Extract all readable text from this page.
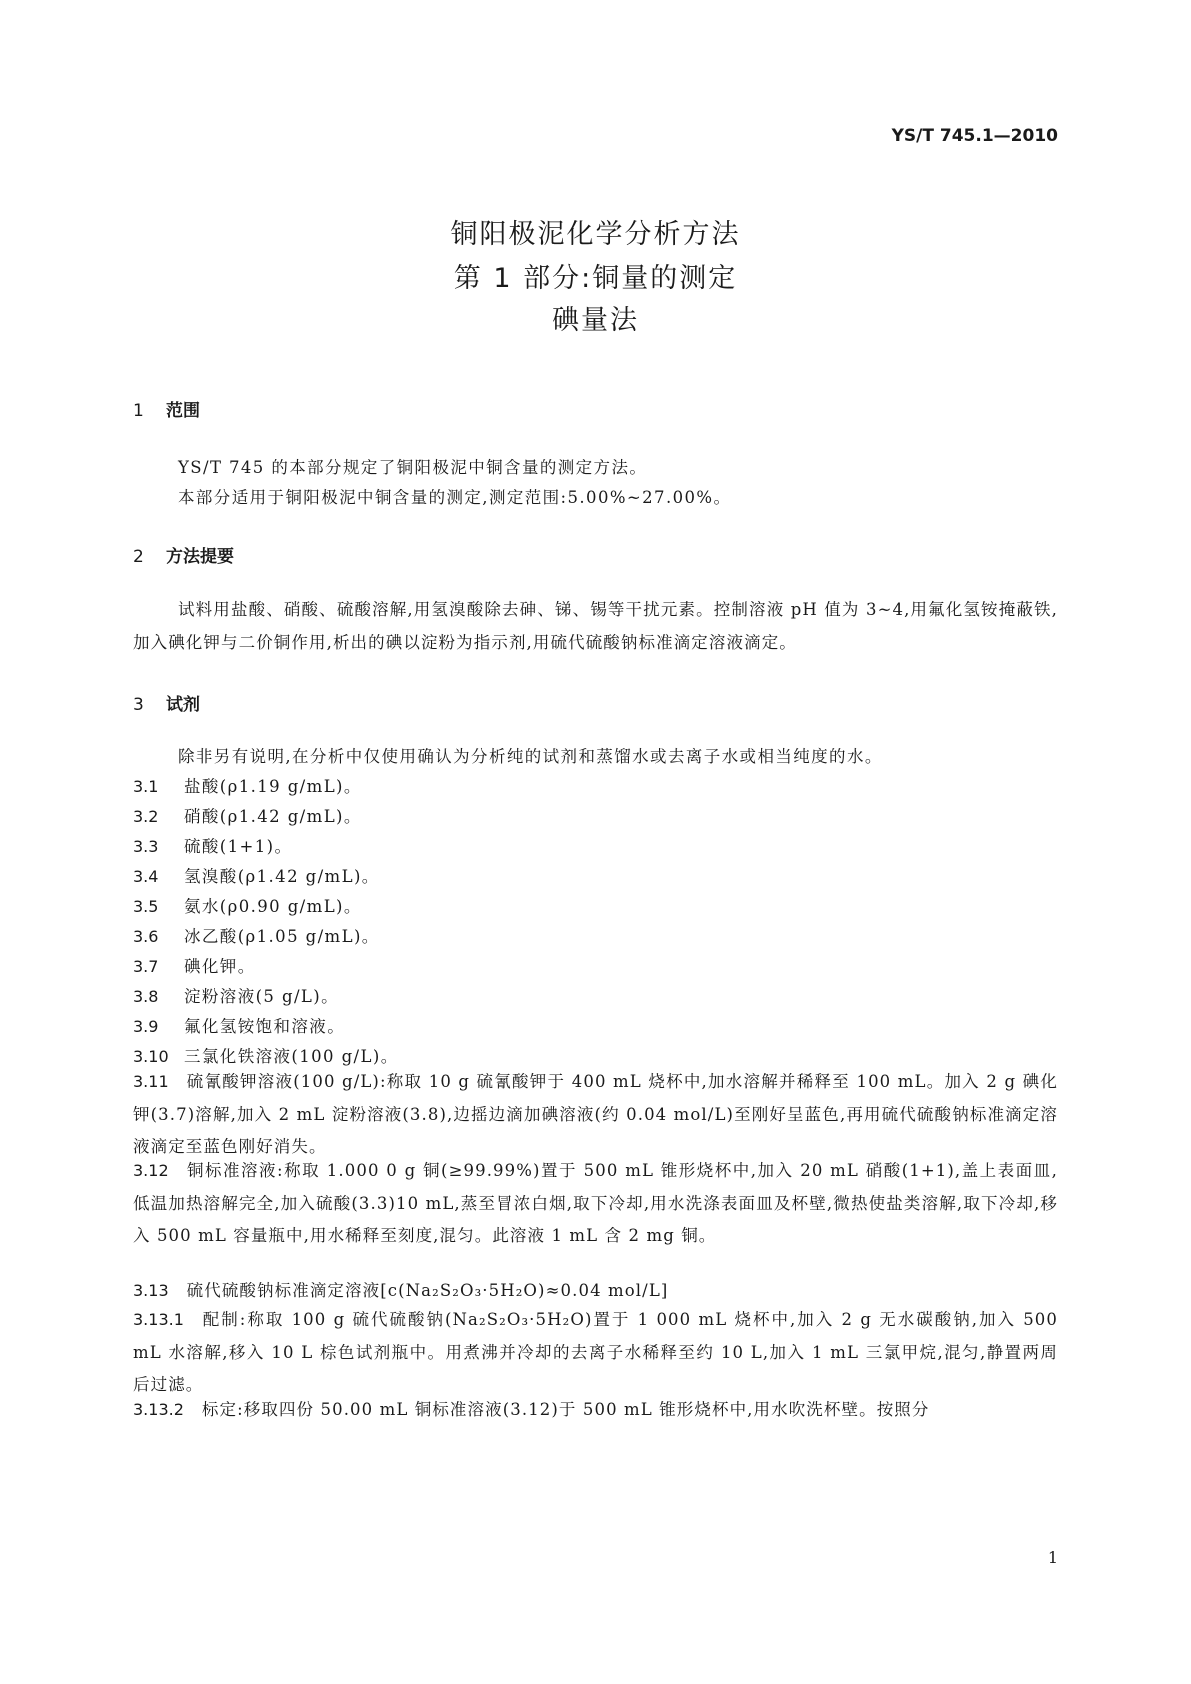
YS/T 745.1—2010
铜阳极泥化学分析方法
第 1 部分:铜量的测定
碘量法
1 范围
YS/T 745 的本部分规定了铜阳极泥中铜含量的测定方法。
本部分适用于铜阳极泥中铜含量的测定,测定范围:5.00%~27.00%。
2 方法提要
试料用盐酸、硝酸、硫酸溶解,用氢溴酸除去砷、锑、锡等干扰元素。控制溶液 pH 值为 3~4,用氟化氢铵掩蔽铁,加入碘化钾与二价铜作用,析出的碘以淀粉为指示剂,用硫代硫酸钠标准滴定溶液滴定。
3 试剂
除非另有说明,在分析中仅使用确认为分析纯的试剂和蒸馏水或去离子水或相当纯度的水。
3.1 盐酸(ρ1.19 g/mL)。
3.2 硝酸(ρ1.42 g/mL)。
3.3 硫酸(1+1)。
3.4 氢溴酸(ρ1.42 g/mL)。
3.5 氨水(ρ0.90 g/mL)。
3.6 冰乙酸(ρ1.05 g/mL)。
3.7 碘化钾。
3.8 淀粉溶液(5 g/L)。
3.9 氟化氢铵饱和溶液。
3.10 三氯化铁溶液(100 g/L)。
3.11 硫氰酸钾溶液(100 g/L):称取 10 g 硫氰酸钾于 400 mL 烧杯中,加水溶解并稀释至 100 mL。加入 2 g 碘化钾(3.7)溶解,加入 2 mL 淀粉溶液(3.8),边摇边滴加碘溶液(约 0.04 mol/L)至刚好呈蓝色,再用硫代硫酸钠标准滴定溶液滴定至蓝色刚好消失。
3.12 铜标准溶液:称取 1.000 0 g 铜(≥99.99%)置于 500 mL 锥形烧杯中,加入 20 mL 硝酸(1+1),盖上表面皿,低温加热溶解完全,加入硫酸(3.3)10 mL,蒸至冒浓白烟,取下冷却,用水洗涤表面皿及杯壁,微热使盐类溶解,取下冷却,移入 500 mL 容量瓶中,用水稀释至刻度,混匀。此溶液 1 mL 含 2 mg 铜。
3.13 硫代硫酸钠标准滴定溶液[c(Na₂S₂O₃·5H₂O)≈0.04 mol/L]
3.13.1 配制:称取 100 g 硫代硫酸钠(Na₂S₂O₃·5H₂O)置于 1 000 mL 烧杯中,加入 2 g 无水碳酸钠,加入 500 mL 水溶解,移入 10 L 棕色试剂瓶中。用煮沸并冷却的去离子水稀释至约 10 L,加入 1 mL 三氯甲烷,混匀,静置两周后过滤。
3.13.2 标定:移取四份 50.00 mL 铜标准溶液(3.12)于 500 mL 锥形烧杯中,用水吹洗杯壁。按照分
1
